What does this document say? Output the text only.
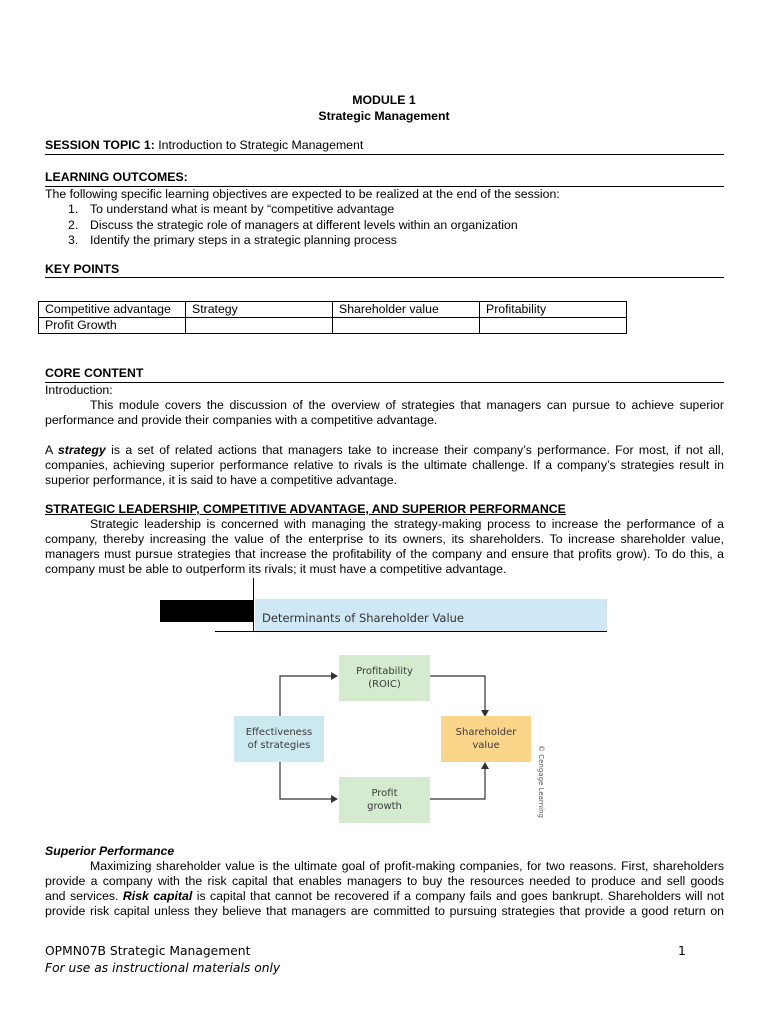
MODULE 1
Strategic Management
SESSION TOPIC 1: Introduction to Strategic Management
LEARNING OUTCOMES:
The following specific learning objectives are expected to be realized at the end of the session:
1. To understand what is meant by “competitive advantage
2. Discuss the strategic role of managers at different levels within an organization
3. Identify the primary steps in a strategic planning process
KEY POINTS
Competitive advantage	Strategy	Shareholder value	Profitability
Profit Growth			
CORE CONTENT
Introduction:
This module covers the discussion of the overview of strategies that managers can pursue to achieve superior
performance and provide their companies with a competitive advantage.
A strategy is a set of related actions that managers take to increase their company’s performance. For most, if not all,
companies, achieving superior performance relative to rivals is the ultimate challenge. If a company’s strategies result in
superior performance, it is said to have a competitive advantage.
STRATEGIC LEADERSHIP, COMPETITIVE ADVANTAGE, AND SUPERIOR PERFORMANCE
Strategic leadership is concerned with managing the strategy-making process to increase the performance of a
company, thereby increasing the value of the enterprise to its owners, its shareholders. To increase shareholder value,
managers must pursue strategies that increase the profitability of the company and ensure that profits grow). To do this, a
company must be able to outperform its rivals; it must have a competitive advantage.
Determinants of Shareholder Value
Effectiveness
of strategies
Profitability
(ROIC)
Profit
growth
Shareholder
value	© Cengage Learning
Superior Performance
Maximizing shareholder value is the ultimate goal of profit-making companies, for two reasons. First, shareholders
provide a company with the risk capital that enables managers to buy the resources needed to produce and sell goods
and services. Risk capital is capital that cannot be recovered if a company fails and goes bankrupt. Shareholders will not
provide risk capital unless they believe that managers are committed to pursuing strategies that provide a good return on
OPMN07B Strategic Management	1
For use as instructional materials only
